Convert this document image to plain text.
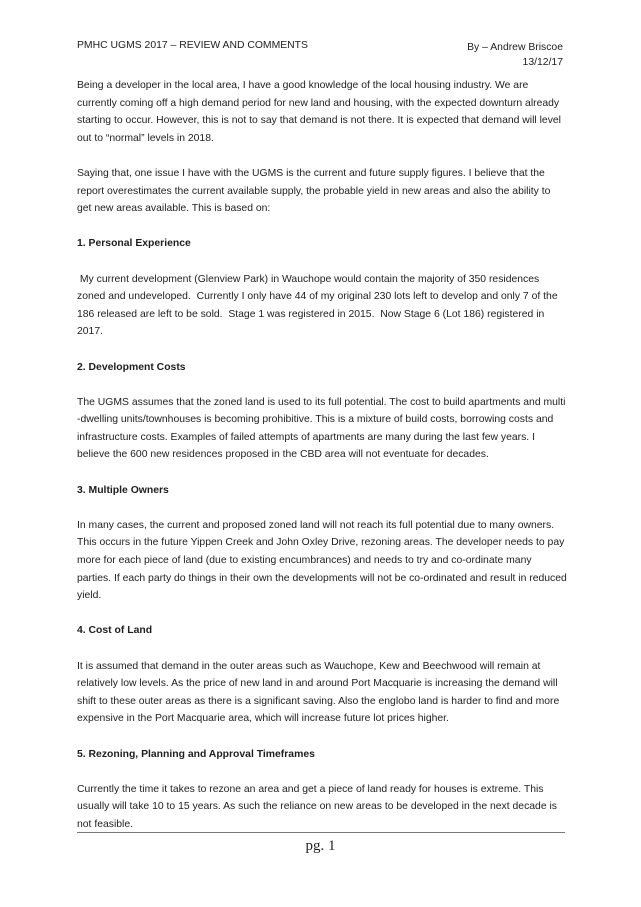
PMHC UGMS 2017 – REVIEW AND COMMENTS	By – Andrew Briscoe
13/12/17

Being a developer in the local area, I have a good knowledge of the local housing industry. We are currently coming off a high demand period for new land and housing, with the expected downturn already starting to occur. However, this is not to say that demand is not there. It is expected that demand will level out to “normal” levels in 2018.

Saying that, one issue I have with the UGMS is the current and future supply figures. I believe that the report overestimates the current available supply, the probable yield in new areas and also the ability to get new areas available. This is based on:

1. Personal Experience

My current development (Glenview Park) in Wauchope would contain the majority of 350 residences zoned and undeveloped.  Currently I only have 44 of my original 230 lots left to develop and only 7 of the 186 released are left to be sold.  Stage 1 was registered in 2015.  Now Stage 6 (Lot 186) registered in 2017.

2. Development Costs

The UGMS assumes that the zoned land is used to its full potential. The cost to build apartments and multi -dwelling units/townhouses is becoming prohibitive. This is a mixture of build costs, borrowing costs and infrastructure costs. Examples of failed attempts of apartments are many during the last few years. I believe the 600 new residences proposed in the CBD area will not eventuate for decades.

3. Multiple Owners

In many cases, the current and proposed zoned land will not reach its full potential due to many owners. This occurs in the future Yippen Creek and John Oxley Drive, rezoning areas. The developer needs to pay more for each piece of land (due to existing encumbrances) and needs to try and co-ordinate many parties. If each party do things in their own the developments will not be co-ordinated and result in reduced yield.

4. Cost of Land

It is assumed that demand in the outer areas such as Wauchope, Kew and Beechwood will remain at relatively low levels. As the price of new land in and around Port Macquarie is increasing the demand will shift to these outer areas as there is a significant saving. Also the englobo land is harder to find and more expensive in the Port Macquarie area, which will increase future lot prices higher.

5. Rezoning, Planning and Approval Timeframes

Currently the time it takes to rezone an area and get a piece of land ready for houses is extreme. This usually will take 10 to 15 years. As such the reliance on new areas to be developed in the next decade is not feasible.

pg. 1
